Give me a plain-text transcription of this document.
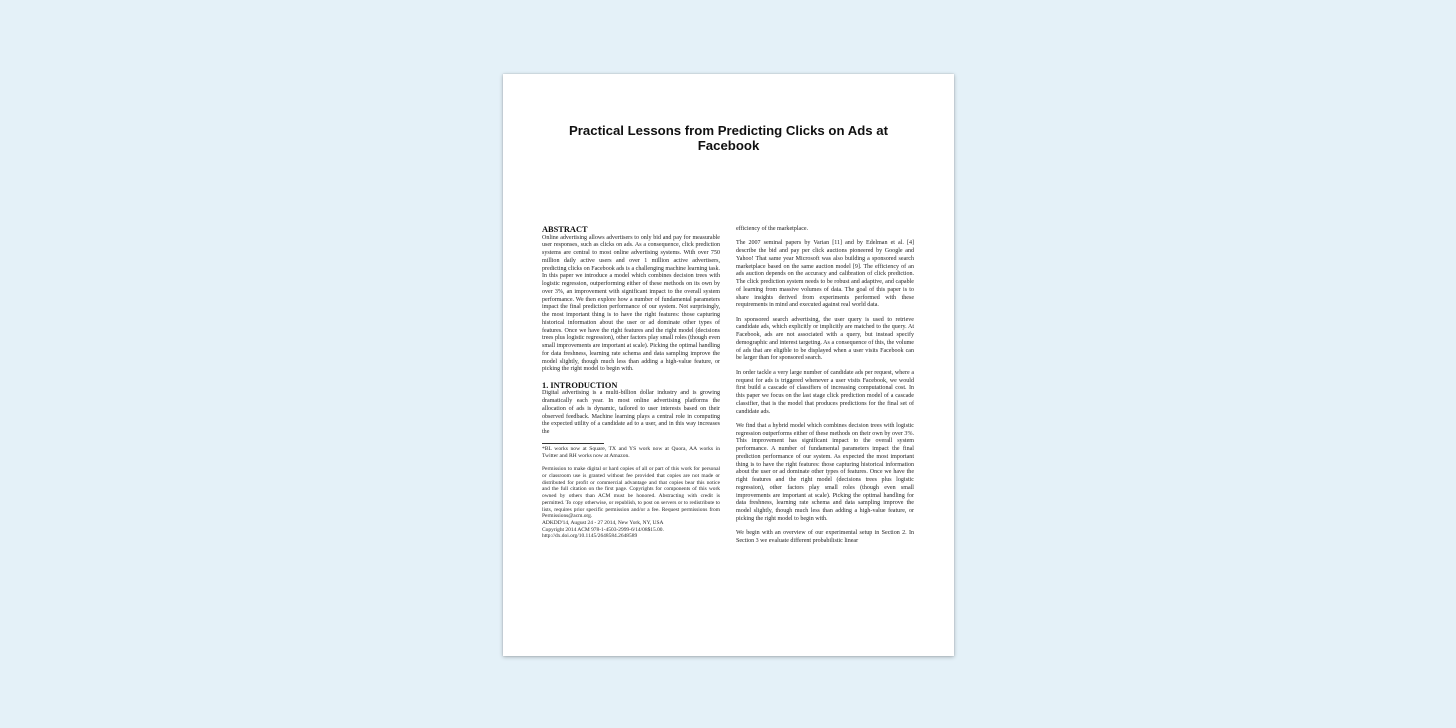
Practical Lessons from Predicting Clicks on Ads at Facebook
ABSTRACT

Online advertising allows advertisers to only bid and pay for measurable user responses, such as clicks on ads. As a consequence, click prediction systems are central to most online advertising systems. With over 750 million daily active users and over 1 million active advertisers, predicting clicks on Facebook ads is a challenging machine learning task. In this paper we introduce a model which combines decision trees with logistic regression, outperforming either of these methods on its own by over 3%, an improvement with significant impact to the overall system performance. We then explore how a number of fundamental parameters impact the final prediction performance of our system. Not surprisingly, the most important thing is to have the right features: those capturing historical information about the user or ad dominate other types of features. Once we have the right features and the right model (decisions trees plus logistic regression), other factors play small roles (though even small improvements are important at scale). Picking the optimal handling for data freshness, learning rate schema and data sampling improve the model slightly, though much less than adding a high-value feature, or picking the right model to begin with.

1. INTRODUCTION

Digital advertising is a multi-billion dollar industry and is growing dramatically each year. In most online advertising platforms the allocation of ads is dynamic, tailored to user interests based on their observed feedback. Machine learning plays a central role in computing the expected utility of a candidate ad to a user, and in this way increases the

*BL works now at Square, TX and YS work now at Quora, AA works in Twitter and RH works now at Amazon.

Permission to make digital or hard copies of all or part of this work for personal or classroom use is granted without fee provided that copies are not made or distributed for profit or commercial advantage and that copies bear this notice and the full citation on the first page. Copyrights for components of this work owned by others than ACM must be honored. Abstracting with credit is permitted. To copy otherwise, or republish, to post on servers or to redistribute to lists, requires prior specific permission and/or a fee. Request permissions from Permissions@acm.org.
ADKDD'14, August 24 - 27 2014, New York, NY, USA
Copyright 2014 ACM 978-1-4503-2999-6/14/08$15.00.
http://dx.doi.org/10.1145/2648584.2648589

efficiency of the marketplace.

The 2007 seminal papers by Varian [11] and by Edelman et al. [4] describe the bid and pay per click auctions pioneered by Google and Yahoo! That same year Microsoft was also building a sponsored search marketplace based on the same auction model [9]. The efficiency of an ads auction depends on the accuracy and calibration of click prediction. The click prediction system needs to be robust and adaptive, and capable of learning from massive volumes of data. The goal of this paper is to share insights derived from experiments performed with these requirements in mind and executed against real world data.

In sponsored search advertising, the user query is used to retrieve candidate ads, which explicitly or implicitly are matched to the query. At Facebook, ads are not associated with a query, but instead specify demographic and interest targeting. As a consequence of this, the volume of ads that are eligible to be displayed when a user visits Facebook can be larger than for sponsored search.

In order tackle a very large number of candidate ads per request, where a request for ads is triggered whenever a user visits Facebook, we would first build a cascade of classifiers of increasing computational cost. In this paper we focus on the last stage click prediction model of a cascade classifier, that is the model that produces predictions for the final set of candidate ads.

We find that a hybrid model which combines decision trees with logistic regression outperforms either of these methods on their own by over 3%. This improvement has significant impact to the overall system performance. A number of fundamental parameters impact the final prediction performance of our system. As expected the most important thing is to have the right features: those capturing historical information about the user or ad dominate other types of features. Once we have the right features and the right model (decisions trees plus logistic regression), other factors play small roles (though even small improvements are important at scale). Picking the optimal handling for data freshness, learning rate schema and data sampling improve the model slightly, though much less than adding a high-value feature, or picking the right model to begin with.

We begin with an overview of our experimental setup in Section 2. In Section 3 we evaluate different probabilistic linear
